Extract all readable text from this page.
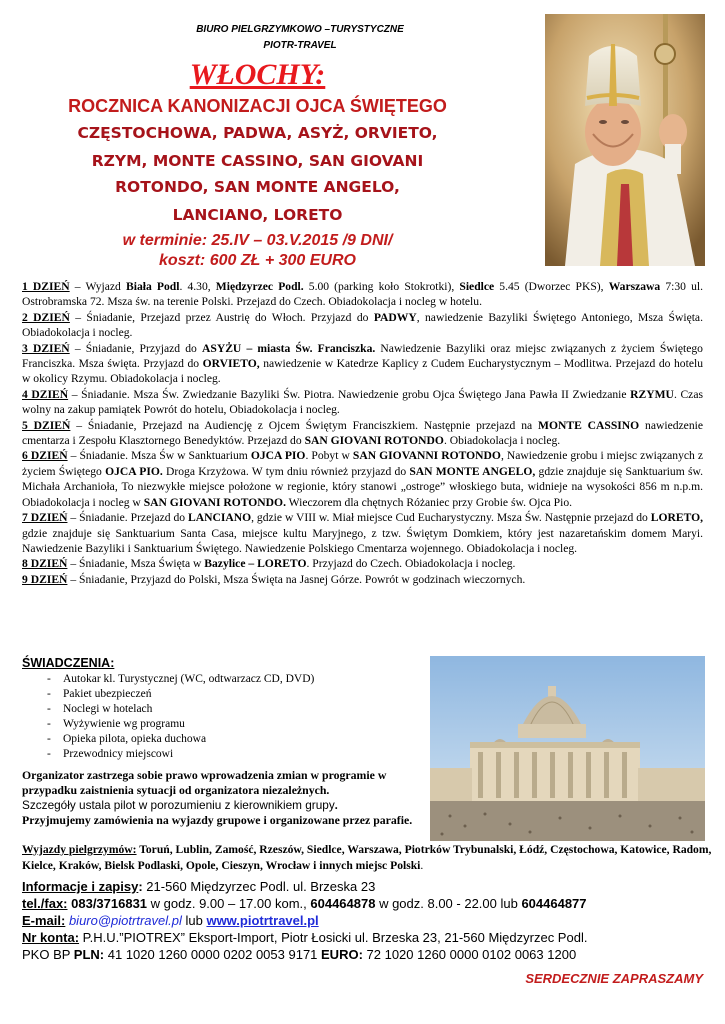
BIURO PIELGRZYMKOWO –TURYSTYCZNE
PIOTR-TRAVEL
WŁOCHY:
ROCZNICA KANONIZACJI OJCA ŚWIĘTEGO
CZĘSTOCHOWA, PADWA, ASYŻ, ORVIETO,
RZYM, MONTE CASSINO, SAN GIOVANI
ROTONDO, SAN MONTE ANGELO,
LANCIANO, LORETO
w terminie: 25.IV – 03.V.2015 /9 DNI/
koszt: 600 ZŁ + 300 EURO

1 DZIEŃ – Wyjazd Biała Podl. 4.30, Międzyrzec Podl. 5.00 (parking koło Stokrotki), Siedlce 5.45 (Dworzec PKS), Warszawa 7:30 ul. Ostrobramska 72. Msza św. na terenie Polski. Przejazd do Czech. Obiadokolacja i nocleg w hotelu.

2 DZIEŃ – Śniadanie, Przejazd przez Austrię do Włoch. Przyjazd do PADWY, nawiedzenie Bazyliki Świętego Antoniego, Msza Święta. Obiadokolacja i nocleg.

3 DZIEŃ – Śniadanie, Przyjazd do ASYŻU – miasta Św. Franciszka. Nawiedzenie Bazyliki oraz miejsc związanych z życiem Świętego Franciszka. Msza święta. Przyjazd do ORVIETO, nawiedzenie w Katedrze Kaplicy z Cudem Eucharystycznym – Modlitwa. Przejazd do hotelu w okolicy Rzymu. Obiadokolacja i nocleg.

4 DZIEŃ – Śniadanie. Msza Św. Zwiedzanie Bazyliki Św. Piotra. Nawiedzenie grobu Ojca Świętego Jana Pawła II Zwiedzanie RZYMU. Czas wolny na zakup pamiątek Powrót do hotelu, Obiadokolacja i nocleg.

5 DZIEŃ – Śniadanie, Przejazd na Audiencję z Ojcem Świętym Franciszkiem. Następnie przejazd na MONTE CASSINO nawiedzenie cmentarza i Zespołu Klasztornego Benedyktów. Przejazd do SAN GIOVANI ROTONDO. Obiadokolacja i nocleg.

6 DZIEŃ – Śniadanie. Msza Św w Sanktuarium OJCA PIO. Pobyt w SAN GIOVANNI ROTONDO, Nawiedzenie grobu i miejsc związanych z życiem Świętego OJCA PIO. Droga Krzyżowa. W tym dniu również przyjazd do SAN MONTE ANGELO, gdzie znajduje się Sanktuarium św. Michała Archanioła, To niezwykłe miejsce położone w regionie, który stanowi „ostroge” włoskiego buta, widnieje na wysokości 856 m n.p.m. Obiadokolacja i nocleg w SAN GIOVANI ROTONDO. Wieczorem dla chętnych Różaniec przy Grobie św. Ojca Pio.

7 DZIEŃ – Śniadanie. Przejazd do LANCIANO, gdzie w VIII w. Miał miejsce Cud Eucharystyczny. Msza Św. Następnie przejazd do LORETO, gdzie znajduje się Sanktuarium Santa Casa, miejsce kultu Maryjnego, z tzw. Świętym Domkiem, który jest nazaretańskim domem Maryi. Nawiedzenie Bazyliki i Sanktuarium Świętego. Nawiedzenie Polskiego Cmentarza wojennego. Obiadokolacja i nocleg.

8 DZIEŃ – Śniadanie, Msza Święta w Bazylice – LORETO. Przyjazd do Czech. Obiadokolacja i nocleg.

9 DZIEŃ – Śniadanie, Przyjazd do Polski, Msza Święta na Jasnej Górze. Powrót w godzinach wieczornych.

ŚWIADCZENIA:
- Autokar kl. Turystycznej (WC, odtwarzacz CD, DVD)
- Pakiet ubezpieczeń
- Noclegi w hotelach
- Wyżywienie wg programu
- Opieka pilota, opieka duchowa
- Przewodnicy miejscowi

Organizator zastrzega sobie prawo wprowadzenia zmian w programie w przypadku zaistnienia sytuacji od organizatora niezależnych.

Szczegóły ustala pilot w porozumieniu z kierownikiem grupy.

Przyjmujemy zamówienia na wyjazdy grupowe i organizowane przez parafie.

Wyjazdy pielgrzymów: Toruń, Lublin, Zamość, Rzeszów, Siedlce, Warszawa, Piotrków Trybunalski, Łódź, Częstochowa, Katowice, Radom, Kielce, Kraków, Bielsk Podlaski, Opole, Cieszyn, Wrocław i innych miejsc Polski.

Informacje i zapisy: 21-560 Międzyrzec Podl. ul. Brzeska 23

tel./fax: 083/3716831 w godz. 9.00 – 17.00 kom., 604464878 w godz. 8.00 - 22.00 lub 604464877

E-mail: biuro@piotrtravel.pl lub www.piotrtravel.pl

Nr konta: P.H.U.”PIOTREX” Eksport-Import, Piotr Łosicki ul. Brzeska 23, 21-560 Międzyrzec Podl.

PKO BP PLN: 41 1020 1260 0000 0202 0053 9171 EURO: 72 1020 1260 0000 0102 0063 1200

SERDECZNIE ZAPRASZAMY
